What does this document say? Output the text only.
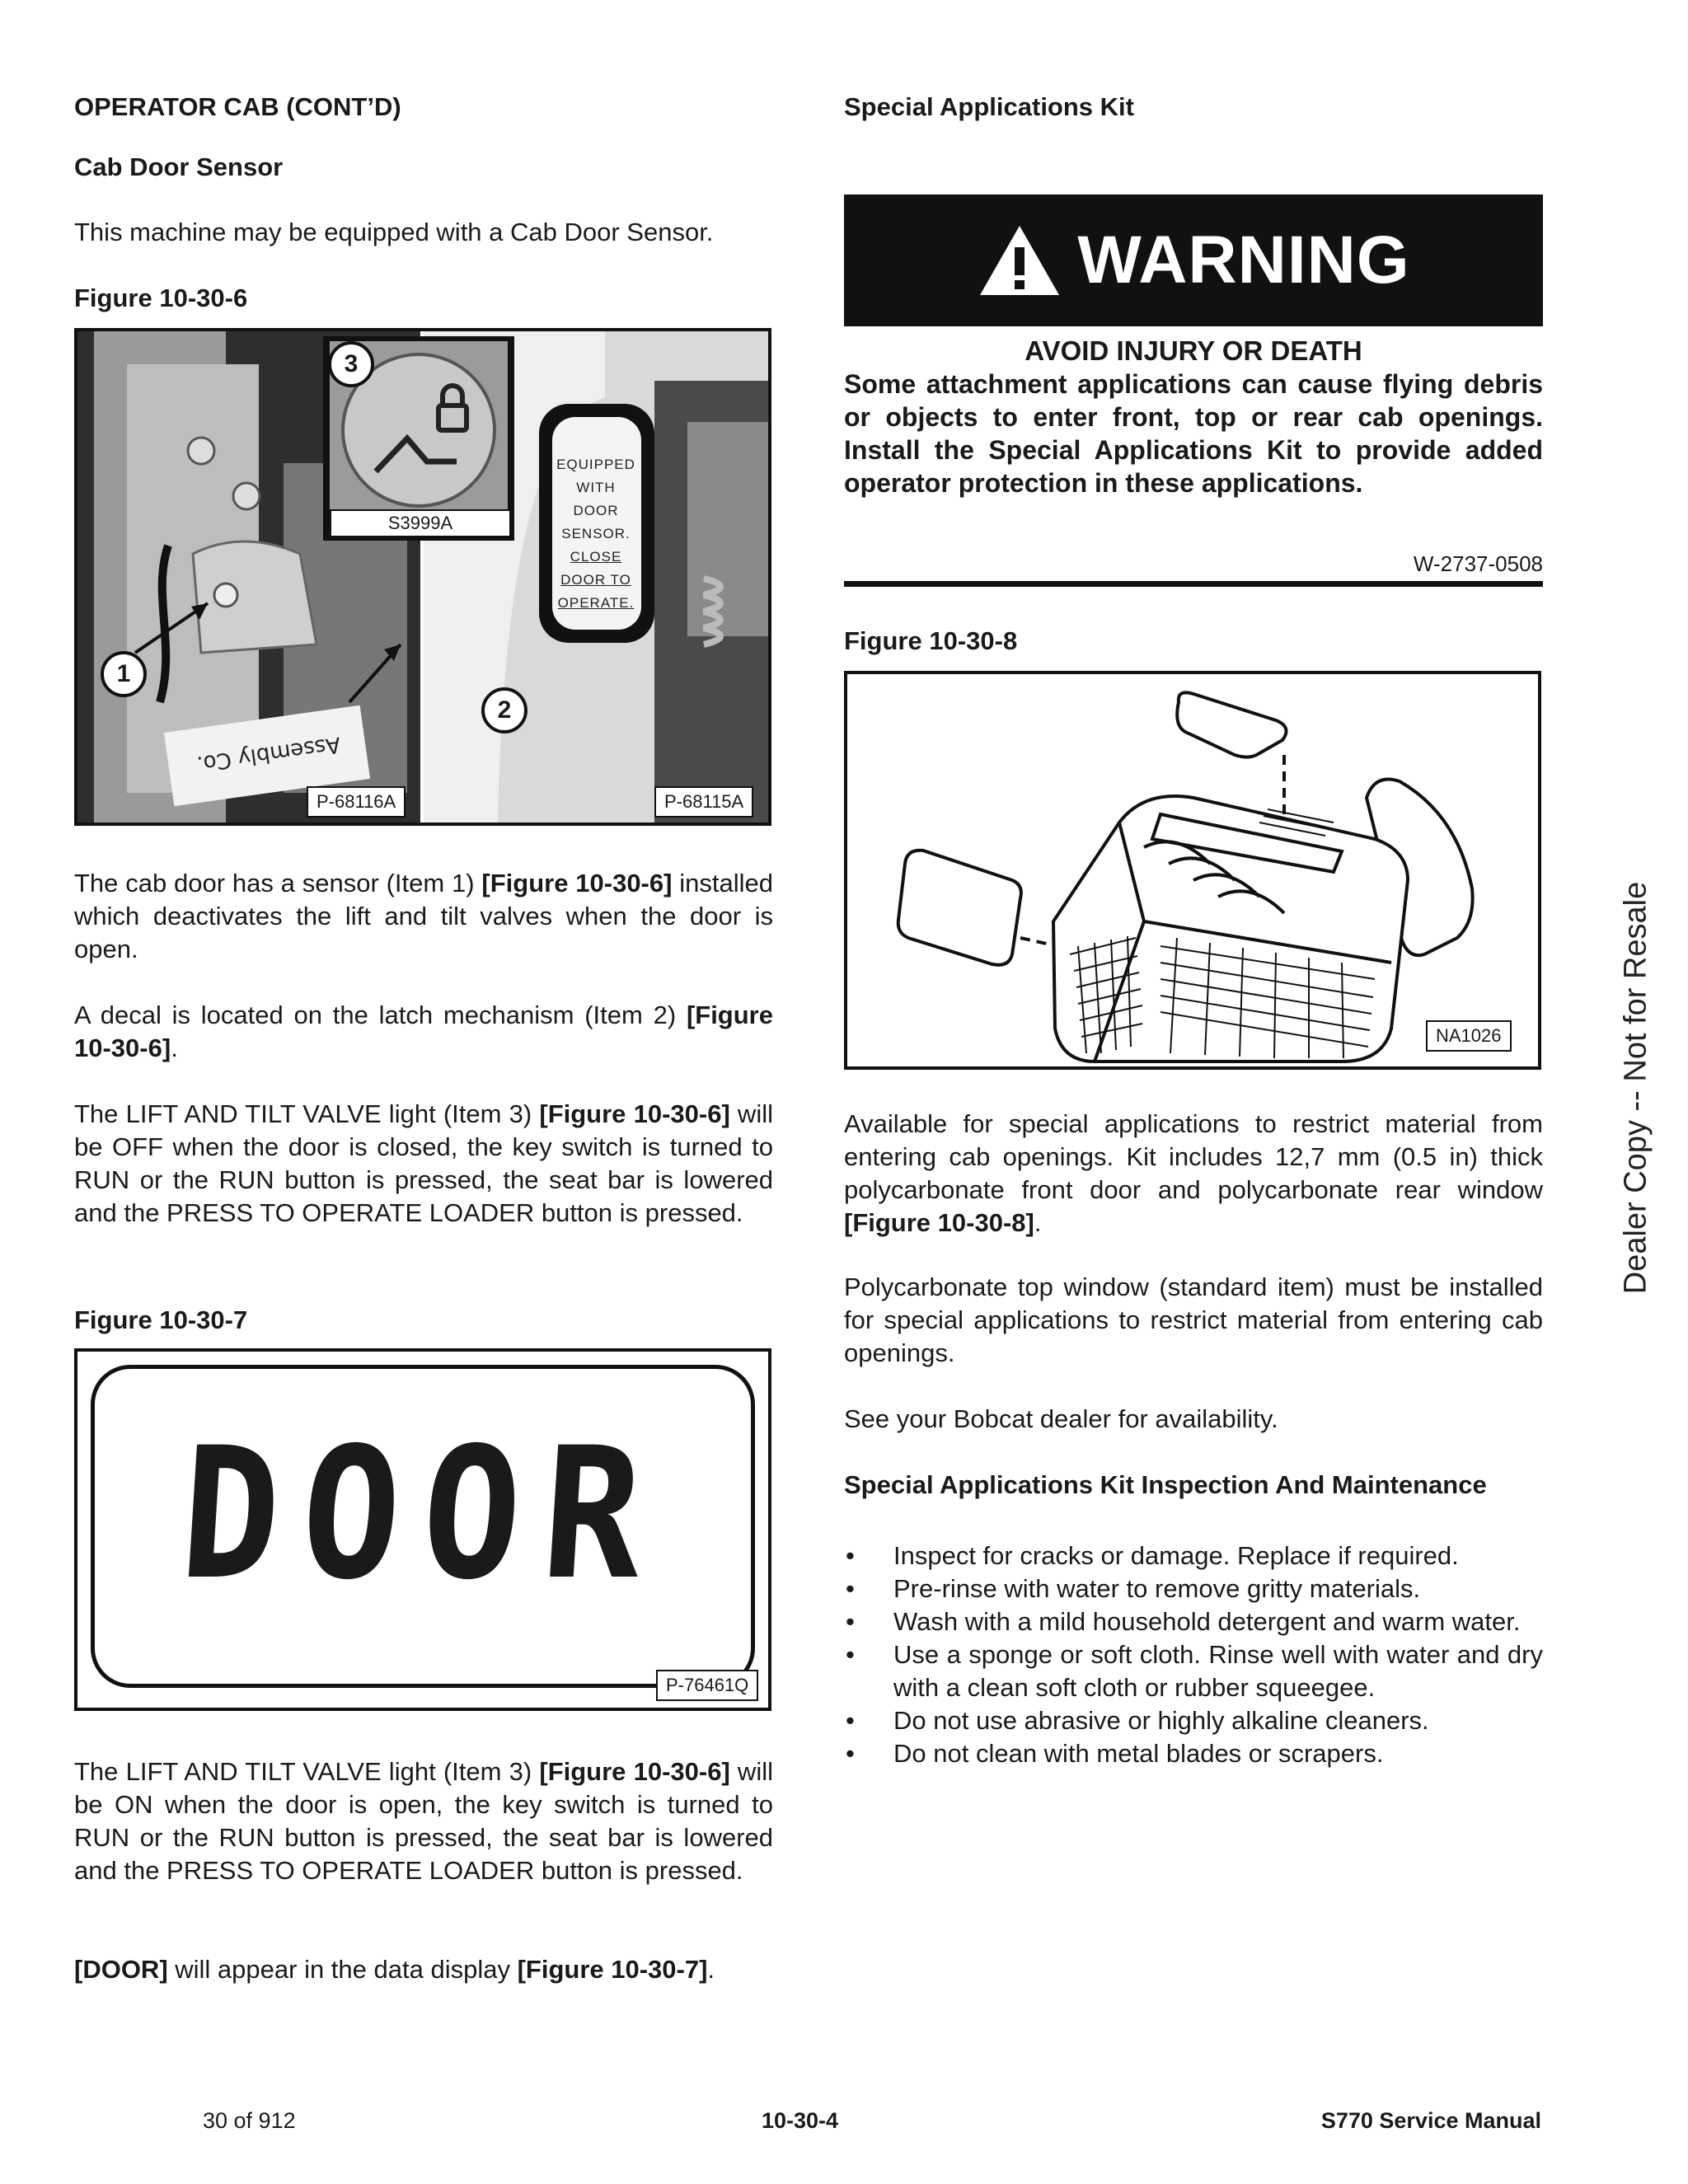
OPERATOR CAB (CONT’D)
Cab Door Sensor
This machine may be equipped with a Cab Door Sensor.
Figure 10-30-6
Assembly Co.
EQUIPPED
WITH
DOOR
SENSOR.
CLOSE
DOOR TO
OPERATE.
3
1
2
S3999A
P-68116A	P-68115A

The cab door has a sensor (Item 1) [Figure 10-30-6] installed which deactivates the lift and tilt valves when the door is open.

A decal is located on the latch mechanism (Item 2) [Figure 10-30-6].

The LIFT AND TILT VALVE light (Item 3) [Figure 10-30-6] will be OFF when the door is closed, the key switch is turned to RUN or the RUN button is pressed, the seat bar is lowered and the PRESS TO OPERATE LOADER button is pressed.

Figure 10-30-7
DOOR
P-76461Q

The LIFT AND TILT VALVE light (Item 3) [Figure 10-30-6] will be ON when the door is open, the key switch is turned to RUN or the RUN button is pressed, the seat bar is lowered and the PRESS TO OPERATE LOADER button is pressed.

[DOOR] will appear in the data display [Figure 10-30-7].

Special Applications Kit
WARNING
AVOID INJURY OR DEATH

Some attachment applications can cause flying debris or objects to enter front, top or rear cab openings. Install the Special Applications Kit to provide added operator protection in these applications.

W-2737-0508
Figure 10-30-8
NA1026

Available for special applications to restrict material from entering cab openings. Kit includes 12,7 mm (0.5 in) thick polycarbonate front door and polycarbonate rear window [Figure 10-30-8].

Polycarbonate top window (standard item) must be installed for special applications to restrict material from entering cab openings.

See your Bobcat dealer for availability.

Special Applications Kit Inspection And Maintenance
• Inspect for cracks or damage. Replace if required.
• Pre-rinse with water to remove gritty materials.
• Wash with a mild household detergent and warm water.
• Use a sponge or soft cloth. Rinse well with water and dry with a clean soft cloth or rubber squeegee.
• Do not use abrasive or highly alkaline cleaners.
• Do not clean with metal blades or scrapers.
Dealer Copy -- Not for Resale
30 of 912	10-30-4	S770 Service Manual
